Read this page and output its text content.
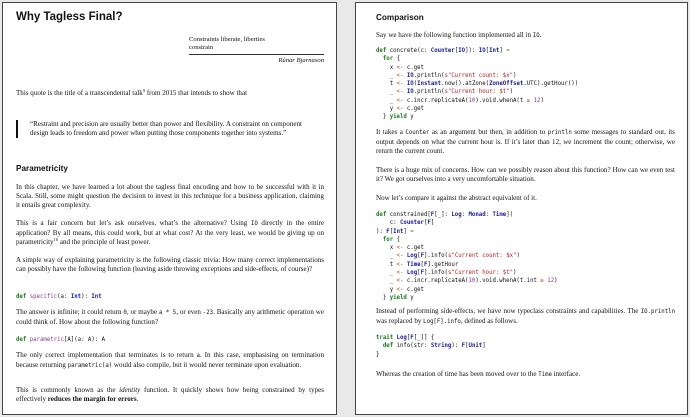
Why Tagless Final?
Constraints liberate, liberties
constrain
Rúnar Bjarnason

This quote is the title of a transcendental talk$^9$ from 2015 that intends to show that

“Restraint and precision are usually better than power and flexibility. A constraint on component design leads to freedom and power when putting those components together into systems.”

Parametricity

In this chapter, we have learned a lot about the tagless final encoding and how to be successful with it in Scala. Still, some might question the decision to invest in this technique for a business application, claiming it entails great complexity.

This is a fair concern but let’s ask ourselves, what’s the alternative? Using IO directly in the entire application? By all means, this could work, but at what cost? At the very least, we would be giving up on parametricity$^{10}$ and the principle of least power.

A simple way of explaining parametricity is the following classic trivia: How many correct implementations can possibly have the following function (leaving aside throwing exceptions and side-effects, of course)?

def specific(a: Int): Int

The answer is infinite; it could return 0, or maybe a * 5, or even -23. Basically any arithmetic operation we could think of. How about the following function?

def parametric[A](a: A): A

The only correct implementation that terminates is to return a. In this case, emphasising on termination because returning parametric(a) would also compile, but it would never terminate upon evaluation.

This is commonly known as the identity function. It quickly shows how being constrained by types effectively reduces the margin for errors.

Comparison

Say we have the following function implemented all in IO.

def concrete(c: Counter[IO]): IO[Int] =
for {
x <- c.get
_ <- IO.println(s"Current count: $x")
t <- IO(Instant.now().atZone(ZoneOffset.UTC).getHour())
_ <- IO.println(s"Current hour: $t")
_ <- c.incr.replicateA(10).void.whenA(t ≥ 12)
y <- c.get
} yield y

It takes a Counter as an argument but then, in addition to println some messages to standard out, its output depends on what the current hour is. If it’s later than 12, we increment the count; otherwise, we return the current count.

There is a huge mix of concerns. How can we possibly reason about this function? How can we even test it? We got ourselves into a very uncomfortable situation.

Now let’s compare it against the abstract equivalent of it.

def constrained[F[_]: Log: Monad: Time](
c: Counter[F]
): F[Int] =
for {
x <- c.get
_ <- Log[F].info(s"Current count: $x")
t <- Time[F].getHour
_ <- Log[F].info(s"Current hour: $t")
_ <- c.incr.replicateA(10).void.whenA(t.int ≥ 12)
y <- c.get
} yield y

Instead of performing side-effects, we have now typeclass constraints and capabilities. The IO.println was replaced by Log[F].info, defined as follows.

trait Log[F[_]] {
def info(str: String): F[Unit]
}

Whereas the creation of time has been moved over to the Time interface.
